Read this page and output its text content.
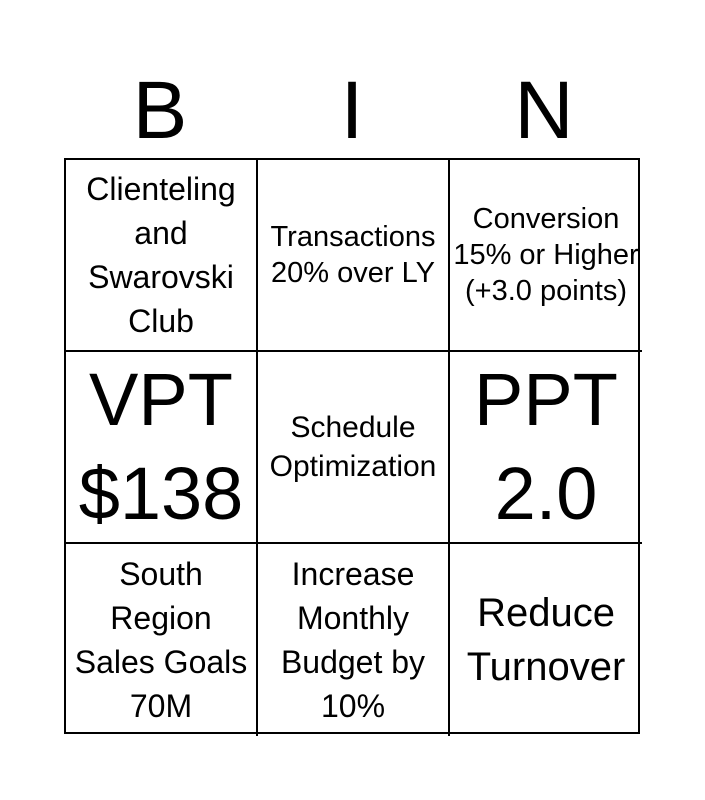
B	I	N
Clienteling and Swarovski Club
Transactions 20% over LY
Conversion 15% or Higher (+3.0 points)
VPT $138
Schedule Optimization
PPT 2.0
South Region Sales Goals 70M
Increase Monthly Budget by 10%
Reduce Turnover
